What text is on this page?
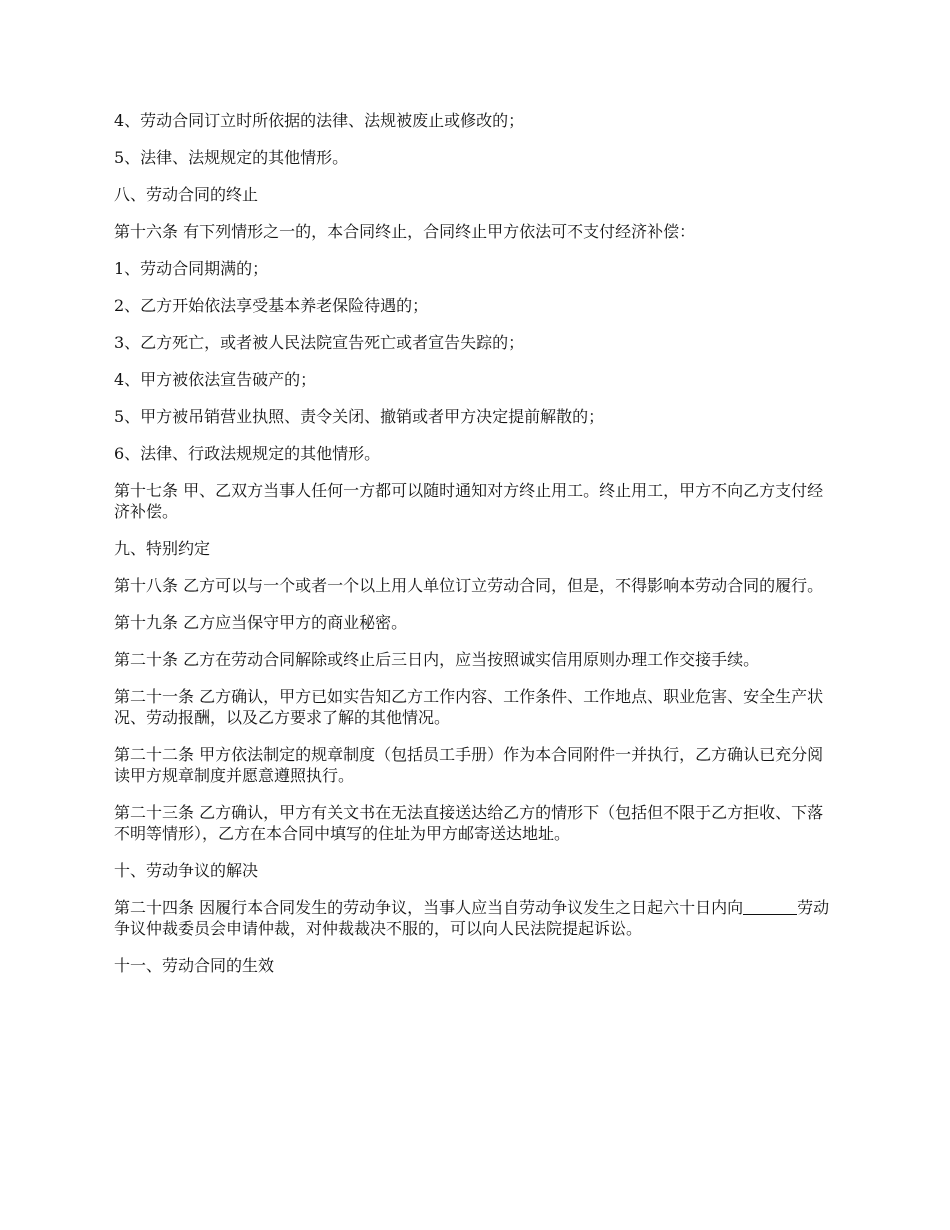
4、劳动合同订立时所依据的法律、法规被废止或修改的；

5、法律、法规规定的其他情形。

八、劳动合同的终止

第十六条 有下列情形之一的，本合同终止，合同终止甲方依法可不支付经济补偿：

1、劳动合同期满的；

2、乙方开始依法享受基本养老保险待遇的；

3、乙方死亡，或者被人民法院宣告死亡或者宣告失踪的；

4、甲方被依法宣告破产的；

5、甲方被吊销营业执照、责令关闭、撤销或者甲方决定提前解散的；

6、法律、行政法规规定的其他情形。

第十七条 甲、乙双方当事人任何一方都可以随时通知对方终止用工。终止用工，甲方不向乙方支付经济补偿。

九、特别约定

第十八条 乙方可以与一个或者一个以上用人单位订立劳动合同，但是，不得影响本劳动合同的履行。

第十九条 乙方应当保守甲方的商业秘密。

第二十条 乙方在劳动合同解除或终止后三日内，应当按照诚实信用原则办理工作交接手续。

第二十一条 乙方确认，甲方已如实告知乙方工作内容、工作条件、工作地点、职业危害、安全生产状况、劳动报酬，以及乙方要求了解的其他情况。

第二十二条 甲方依法制定的规章制度（包括员工手册）作为本合同附件一并执行，乙方确认已充分阅读甲方规章制度并愿意遵照执行。

第二十三条 乙方确认，甲方有关文书在无法直接送达给乙方的情形下（包括但不限于乙方拒收、下落不明等情形），乙方在本合同中填写的住址为甲方邮寄送达地址。

十、劳动争议的解决

第二十四条 因履行本合同发生的劳动争议，当事人应当自劳动争议发生之日起六十日内向	劳动争议仲裁委员会申请仲裁，对仲裁裁决不服的，可以向人民法院提起诉讼。

十一、劳动合同的生效
